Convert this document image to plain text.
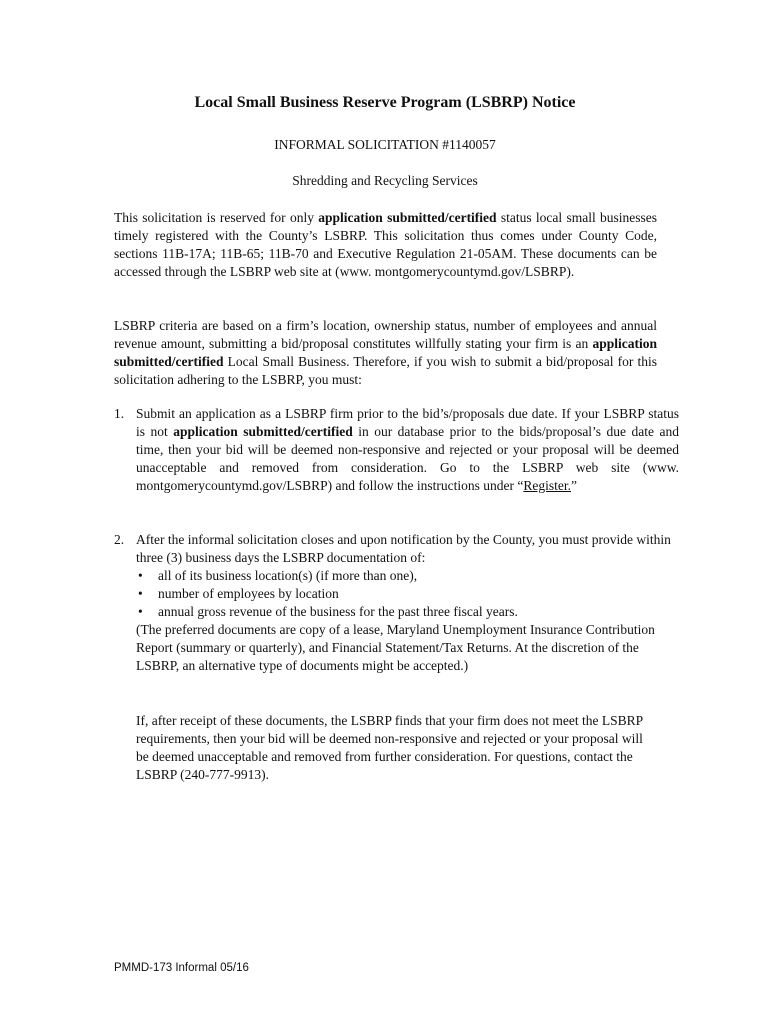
Local Small Business Reserve Program (LSBRP) Notice
INFORMAL SOLICITATION #1140057
Shredding and Recycling Services

This solicitation is reserved for only application submitted/certified status local small businesses timely registered with the County’s LSBRP. This solicitation thus comes under County Code, sections 11B-17A; 11B-65; 11B-70 and Executive Regulation 21-05AM. These documents can be accessed through the LSBRP web site at (www. montgomerycountymd.gov/LSBRP).

LSBRP criteria are based on a firm’s location, ownership status, number of employees and annual revenue amount, submitting a bid/proposal constitutes willfully stating your firm is an application submitted/certified Local Small Business. Therefore, if you wish to submit a bid/proposal for this solicitation adhering to the LSBRP, you must:

1. Submit an application as a LSBRP firm prior to the bid’s/proposals due date. If your LSBRP status is not application submitted/certified in our database prior to the bids/proposal’s due date and time, then your bid will be deemed non-responsive and rejected or your proposal will be deemed unacceptable and removed from consideration. Go to the LSBRP web site (www. montgomerycountymd.gov/LSBRP) and follow the instructions under “Register.”
2. After the informal solicitation closes and upon notification by the County, you must provide within three (3) business days the LSBRP documentation of:
• all of its business location(s) (if more than one),
• number of employees by location
• annual gross revenue of the business for the past three fiscal years.
(The preferred documents are copy of a lease, Maryland Unemployment Insurance Contribution Report (summary or quarterly), and Financial Statement/Tax Returns. At the discretion of the LSBRP, an alternative type of documents might be accepted.)

If, after receipt of these documents, the LSBRP finds that your firm does not meet the LSBRP requirements, then your bid will be deemed non-responsive and rejected or your proposal will be deemed unacceptable and removed from further consideration. For questions, contact the LSBRP (240-777-9913).

PMMD-173 Informal 05/16
